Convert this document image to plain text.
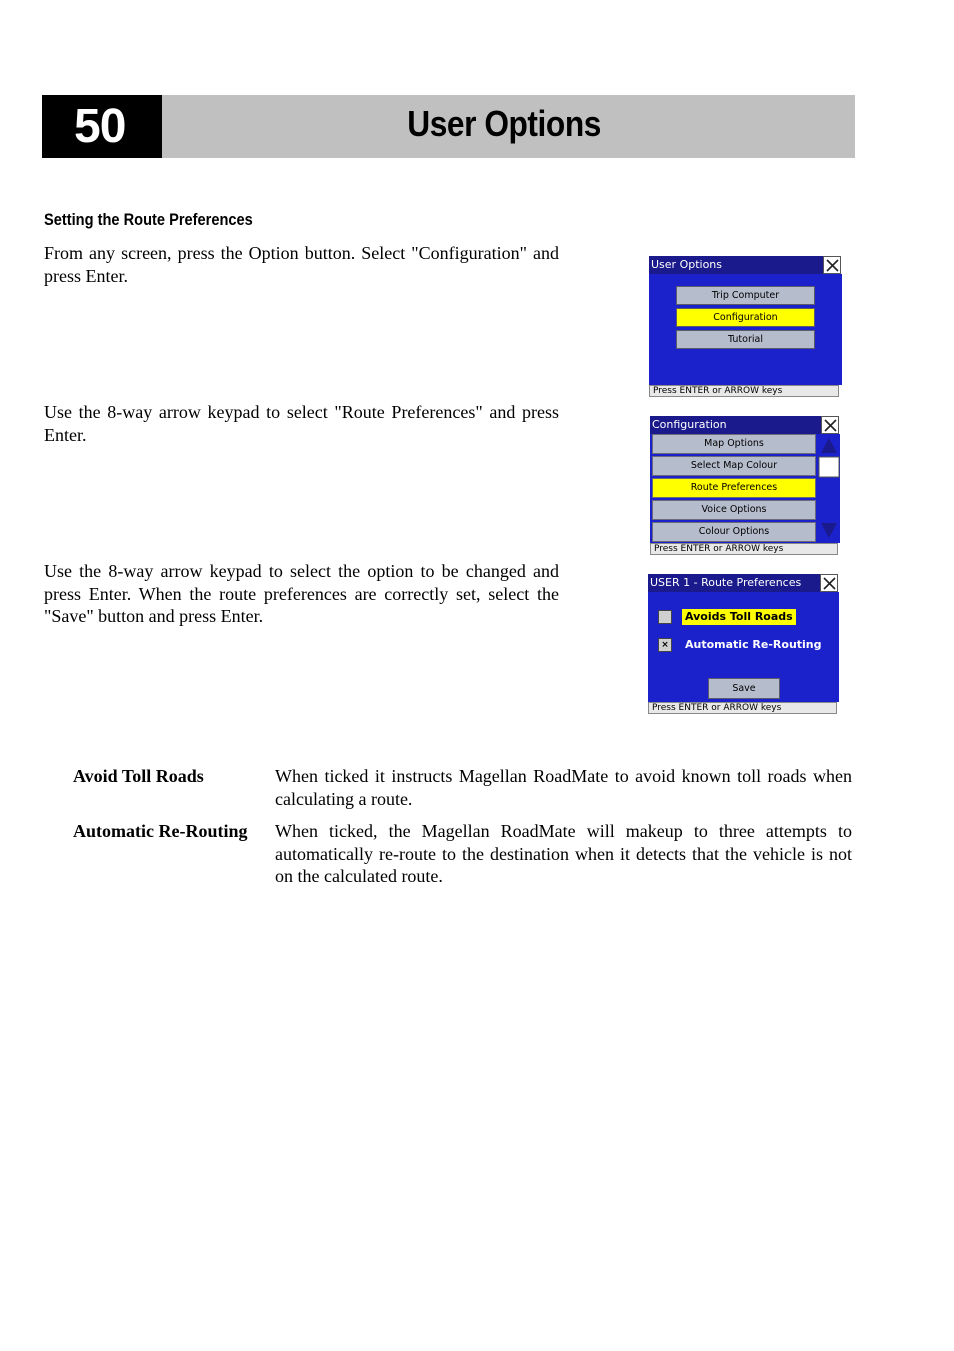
50	User Options
Setting the Route Preferences

From any screen, press the Option button. Select "Configuration" and press Enter.

Use the 8-way arrow keypad to select "Route Preferences" and press Enter.

Use the 8-way arrow keypad to select the option to be changed and press Enter. When the route preferences are correctly set, select the "Save" button and press Enter.

User Options
Trip Computer
Configuration
Tutorial
Press ENTER or ARROW keys
Configuration
Map Options
Select Map Colour
Route Preferences
Voice Options
Colour Options
Press ENTER or ARROW keys
USER 1 - Route Preferences
Avoids Toll Roads
× Automatic Re-Routing
Save
Press ENTER or ARROW keys
Avoid Toll Roads	When ticked it instructs Magellan RoadMate to avoid known toll roads when calculating a route.

Automatic Re-Routing When ticked, the Magellan RoadMate will makeup to three attempts to automatically re-route to the destination when it detects that the vehicle is not on the calculated route.
